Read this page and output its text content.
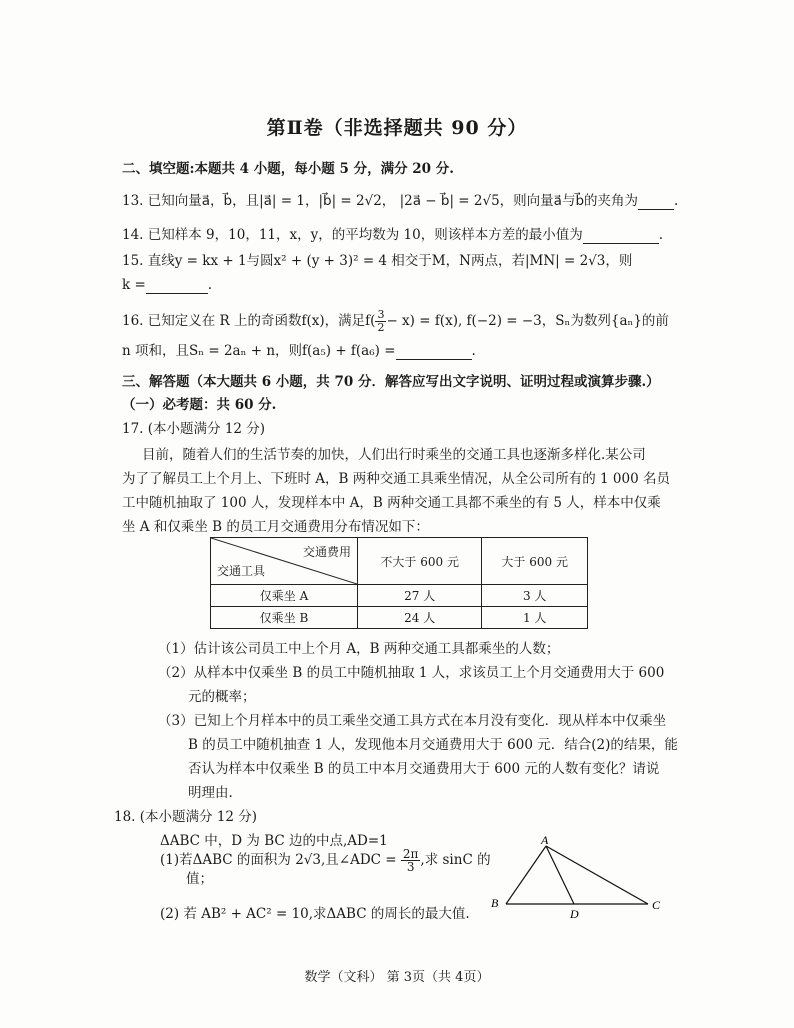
第Ⅱ卷（非选择题共 90 分）
二、填空题:本题共 4 小题，每小题 5 分，满分 20 分.
13. 已知向量a⃗，b⃗，且|a⃗| = 1，|b⃗| = 2√2， |2a⃗ − b⃗| = 2√5，则向量a⃗与b⃗的夹角为	.
14. 已知样本 9，10，11，x，y，的平均数为 10，则该样本方差的最小值为	.
15. 直线y = kx + 1与圆x² + (y + 3)² = 4 相交于M，N两点，若|MN| = 2√3，则
k =	.
16. 已知定义在 R 上的奇函数f(x)，满足$f( \frac{3}{2} - x) = f(x)$, f(−2) = −3，Sₙ为数列{aₙ}的前
n 项和，且Sₙ = 2aₙ + n，则f(a₅) + f(a₆) =	.
三、解答题（本大题共 6 小题，共 70 分．解答应写出文字说明、证明过程或演算步骤.）
（一）必考题：共 60 分.
17. (本小题满分 12 分)
目前，随着人们的生活节奏的加快，人们出行时乘坐的交通工具也逐渐多样化.某公司
为了了解员工上个月上、下班时 A，B 两种交通工具乘坐情况，从全公司所有的 1 000 名员
工中随机抽取了 100 人，发现样本中 A，B 两种交通工具都不乘坐的有 5 人，样本中仅乘
坐 A 和仅乘坐 B 的员工月交通费用分布情况如下：
交通费用
交通工具	不大于 600 元	大于 600 元
仅乘坐 A	27 人	3 人
仅乘坐 B	24 人	1 人
（1）估计该公司员工中上个月 A，B 两种交通工具都乘坐的人数；
（2）从样本中仅乘坐 B 的员工中随机抽取 1 人，求该员工上个月交通费用大于 600
元的概率；
（3）已知上个月样本中的员工乘坐交通工具方式在本月没有变化．现从样本中仅乘坐
B 的员工中随机抽查 1 人，发现他本月交通费用大于 600 元．结合(2)的结果，能
否认为样本中仅乘坐 B 的员工中本月交通费用大于 600 元的人数有变化？请说
明理由.
18. (本小题满分 12 分)
ΔABC 中，D 为 BC 边的中点,AD=1
(1)若ΔABC 的面积为 2√3,且∠ADC = $\frac{2\pi}{3}$ ,求 sinC 的
值；
(2) 若 AB² + AC² = 10,求ΔABC 的周长的最大值.
A
B
D
C
数学（文科） 第 3页（共 4页）
